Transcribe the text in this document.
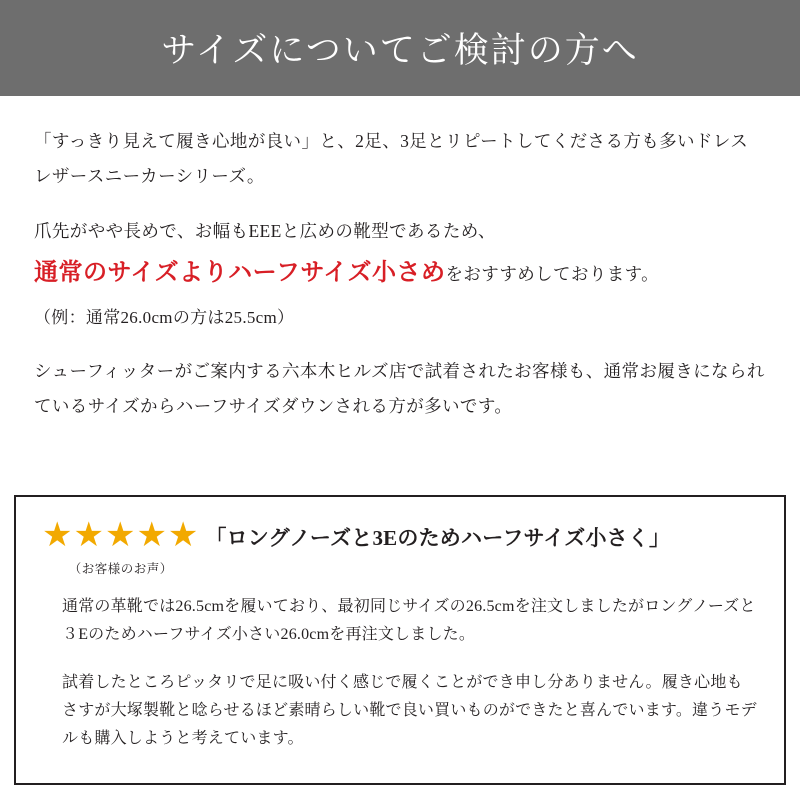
サイズについてご検討の方へ

「すっきり見えて履き心地が良い」と、2足、3足とリピートしてくださる方も多いドレスレザースニーカーシリーズ。

爪先がやや長めで、お幅もEEEと広めの靴型であるため、
通常のサイズよりハーフサイズ小さめをおすすめしております。

（例：通常26.0cmの方は25.5cm）

シューフィッターがご案内する六本木ヒルズ店で試着されたお客様も、通常お履きになられているサイズからハーフサイズダウンされる方が多いです。

★★★★★
（お客様のお声）
「ロングノーズと3Eのためハーフサイズ小さく」

通常の革靴では26.5cmを履いており、最初同じサイズの26.5cmを注文しましたがロングノーズと３Eのためハーフサイズ小さい26.0cmを再注文しました。

試着したところピッタリで足に吸い付く感じで履くことができ申し分ありません。履き心地もさすが大塚製靴と唸らせるほど素晴らしい靴で良い買いものができたと喜んでいます。違うモデルも購入しようと考えています。
